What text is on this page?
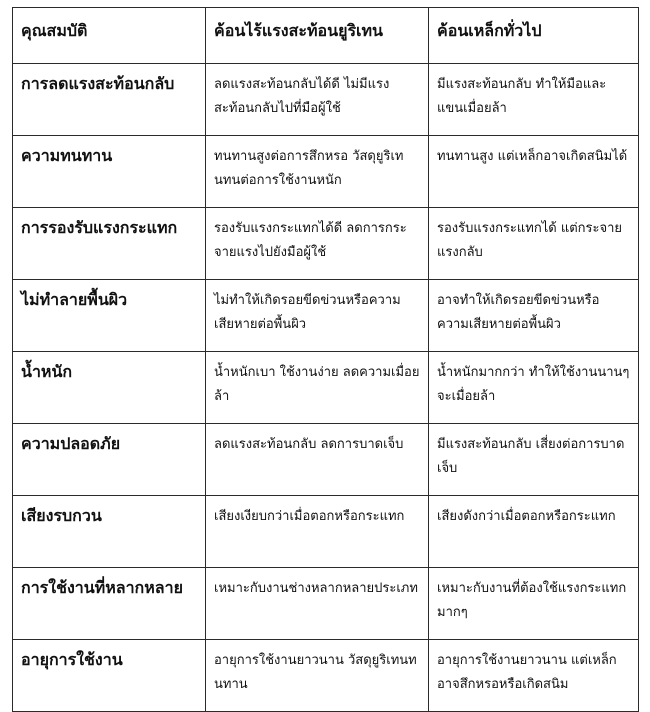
คุณสมบัติ	ค้อนไร้แรงสะท้อนยูริเทน	ค้อนเหล็กทั่วไป
การลดแรงสะท้อนกลับ	ลดแรงสะท้อนกลับได้ดี ไม่มีแรงสะท้อนกลับไปที่มือผู้ใช้	มีแรงสะท้อนกลับ ทำให้มือและแขนเมื่อยล้า
ความทนทาน	ทนทานสูงต่อการสึกหรอ วัสดุยูริเทนทนต่อการใช้งานหนัก	ทนทานสูง แต่เหล็กอาจเกิดสนิมได้
การรองรับแรงกระแทก	รองรับแรงกระแทกได้ดี ลดการกระจายแรงไปยังมือผู้ใช้	รองรับแรงกระแทกได้ แต่กระจายแรงกลับ
ไม่ทำลายพื้นผิว	ไม่ทำให้เกิดรอยขีดข่วนหรือความเสียหายต่อพื้นผิว	อาจทำให้เกิดรอยขีดข่วนหรือความเสียหายต่อพื้นผิว
น้ำหนัก	น้ำหนักเบา ใช้งานง่าย ลดความเมื่อยล้า	น้ำหนักมากกว่า ทำให้ใช้งานนานๆ จะเมื่อยล้า
ความปลอดภัย	ลดแรงสะท้อนกลับ ลดการบาดเจ็บ	มีแรงสะท้อนกลับ เสี่ยงต่อการบาดเจ็บ
เสียงรบกวน	เสียงเงียบกว่าเมื่อตอกหรือกระแทก	เสียงดังกว่าเมื่อตอกหรือกระแทก
การใช้งานที่หลากหลาย	เหมาะกับงานช่างหลากหลายประเภท	เหมาะกับงานที่ต้องใช้แรงกระแทกมากๆ
อายุการใช้งาน	อายุการใช้งานยาวนาน วัสดุยูริเทนทนทาน	อายุการใช้งานยาวนาน แต่เหล็กอาจสึกหรอหรือเกิดสนิม
